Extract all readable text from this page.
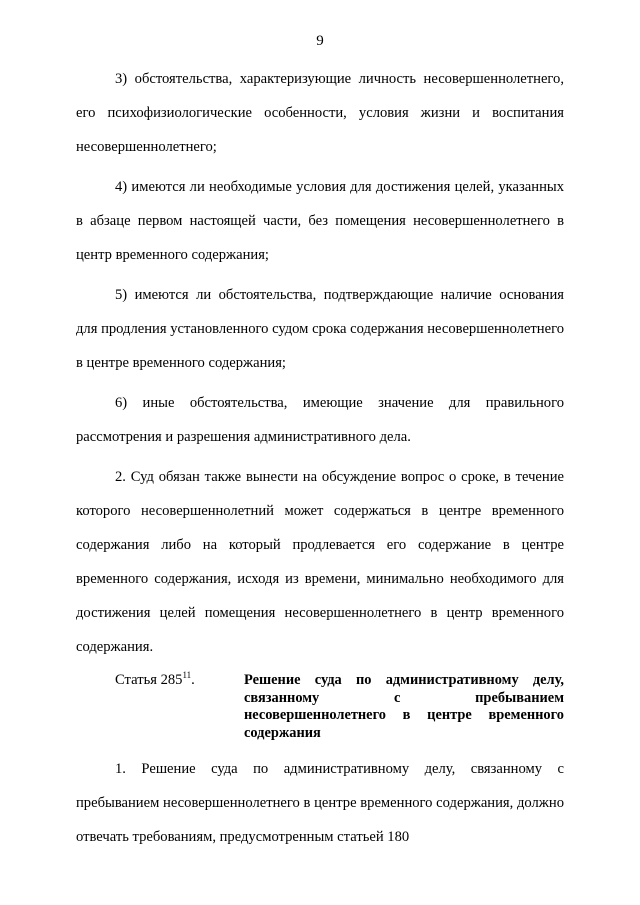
9

3) обстоятельства, характеризующие личность несовершеннолетнего, его психофизиологические особенности, условия жизни и воспитания несовершеннолетнего;

4) имеются ли необходимые условия для достижения целей, указанных в абзаце первом настоящей части, без помещения несовершеннолетнего в центр временного содержания;

5) имеются ли обстоятельства, подтверждающие наличие основания для продления установленного судом срока содержания несовершеннолетнего в центре временного содержания;

6) иные обстоятельства, имеющие значение для правильного рассмотрения и разрешения административного дела.

2. Суд обязан также вынести на обсуждение вопрос о сроке, в течение которого несовершеннолетний может содержаться в центре временного содержания либо на который продлевается его содержание в центре временного содержания, исходя из времени, минимально необходимого для достижения целей помещения несовершеннолетнего в центр временного содержания.

Статья $285^{11}$.	Решение суда по административному делу, связанному с пребыванием несовершеннолетнего в центре временного содержания

1. Решение суда по административному делу, связанному с пребыванием несовершеннолетнего в центре временного содержания, должно отвечать требованиям, предусмотренным статьей 180
